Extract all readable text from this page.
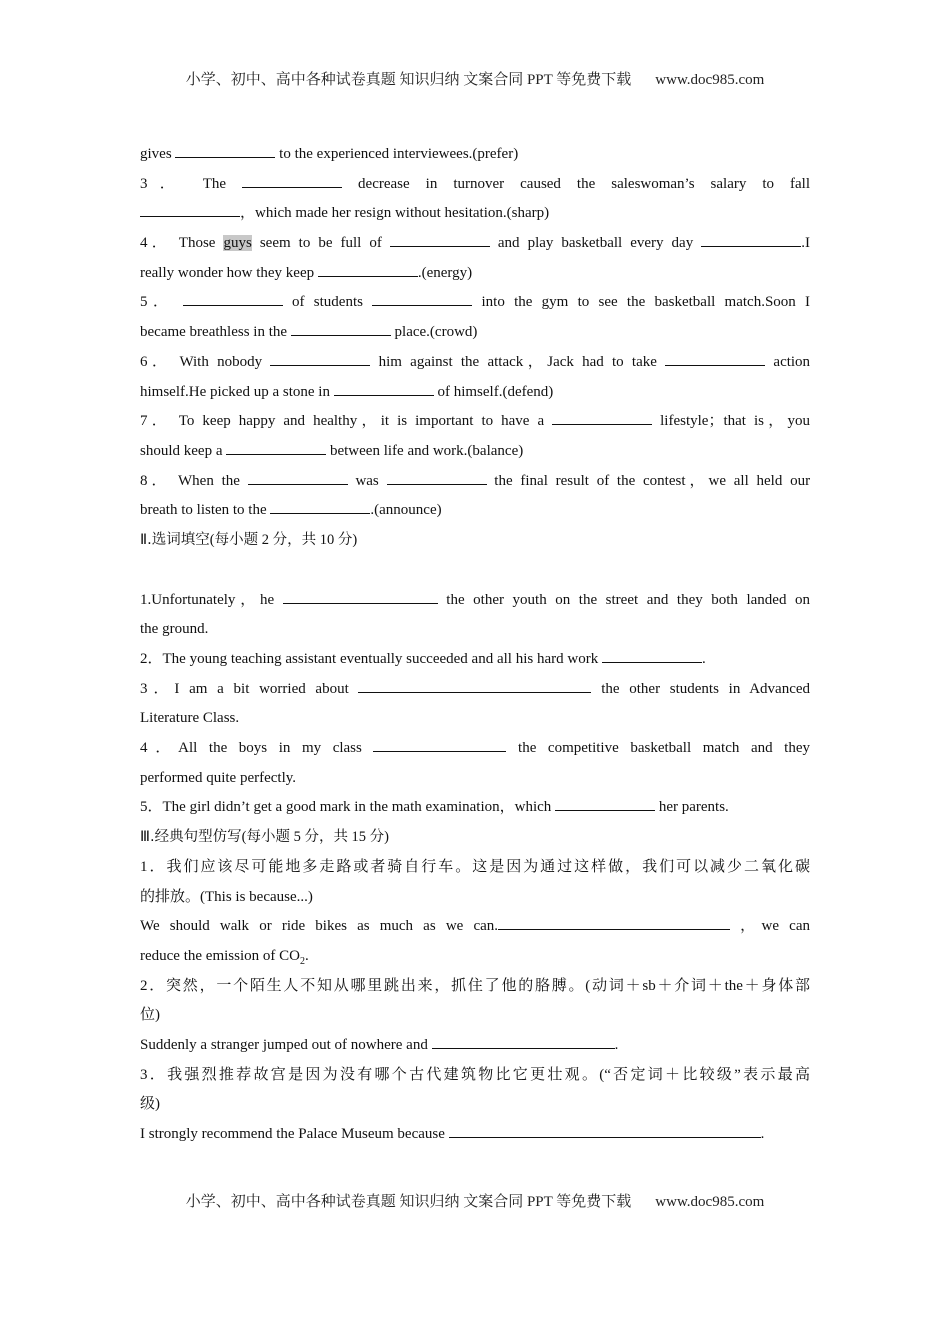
小学、初中、高中各种试卷真题 知识归纳 文案合同 PPT 等免费下载 www.doc985.com
gives	to the experienced interviewees.(prefer)
3． The	decrease in turnover caused the saleswoman’s salary to fall
，which made her resign without hesitation.(sharp)
4． Those guys seem to be full of	and play basketball every day	.I
really wonder how they keep	.(energy)
5．	of students	into the gym to see the basketball match.Soon I
became breathless in the	place.(crowd)
6． With nobody	him against the attack，Jack had to take	action
himself.He picked up a stone in	of himself.(defend)
7． To keep happy and healthy，it is important to have a	lifestyle；that is，you
should keep a	between life and work.(balance)
8． When the	was	the final result of the contest，we all held our
breath to listen to the	.(announce)
Ⅱ.选词填空(每小题 2 分，共 10 分)
1.Unfortunately，he	the other youth on the street and they both landed on
the ground.
2．The young teaching assistant eventually succeeded and all his hard work	.
3．I am a bit worried about	the other students in Advanced
Literature Class.
4．All the boys in my class	the competitive basketball match and they
performed quite perfectly.
5．The girl didn’t get a good mark in the math examination，which	her parents.
Ⅲ.经典句型仿写(每小题 5 分，共 15 分)
1．我们应该尽可能地多走路或者骑自行车。这是因为通过这样做，我们可以减少二氧化碳
的排放。(This is because...)
We should walk or ride bikes as much as we can.	，we can
reduce the emission of $CO_2$.
2．突然，一个陌生人不知从哪里跳出来，抓住了他的胳膊。(动词＋sb＋介词＋the＋身体部
位)
Suddenly a stranger jumped out of nowhere and	.
3．我强烈推荐故宫是因为没有哪个古代建筑物比它更壮观。(“否定词＋比较级”表示最高
级)
I strongly recommend the Palace Museum because	.
小学、初中、高中各种试卷真题 知识归纳 文案合同 PPT 等免费下载 www.doc985.com
